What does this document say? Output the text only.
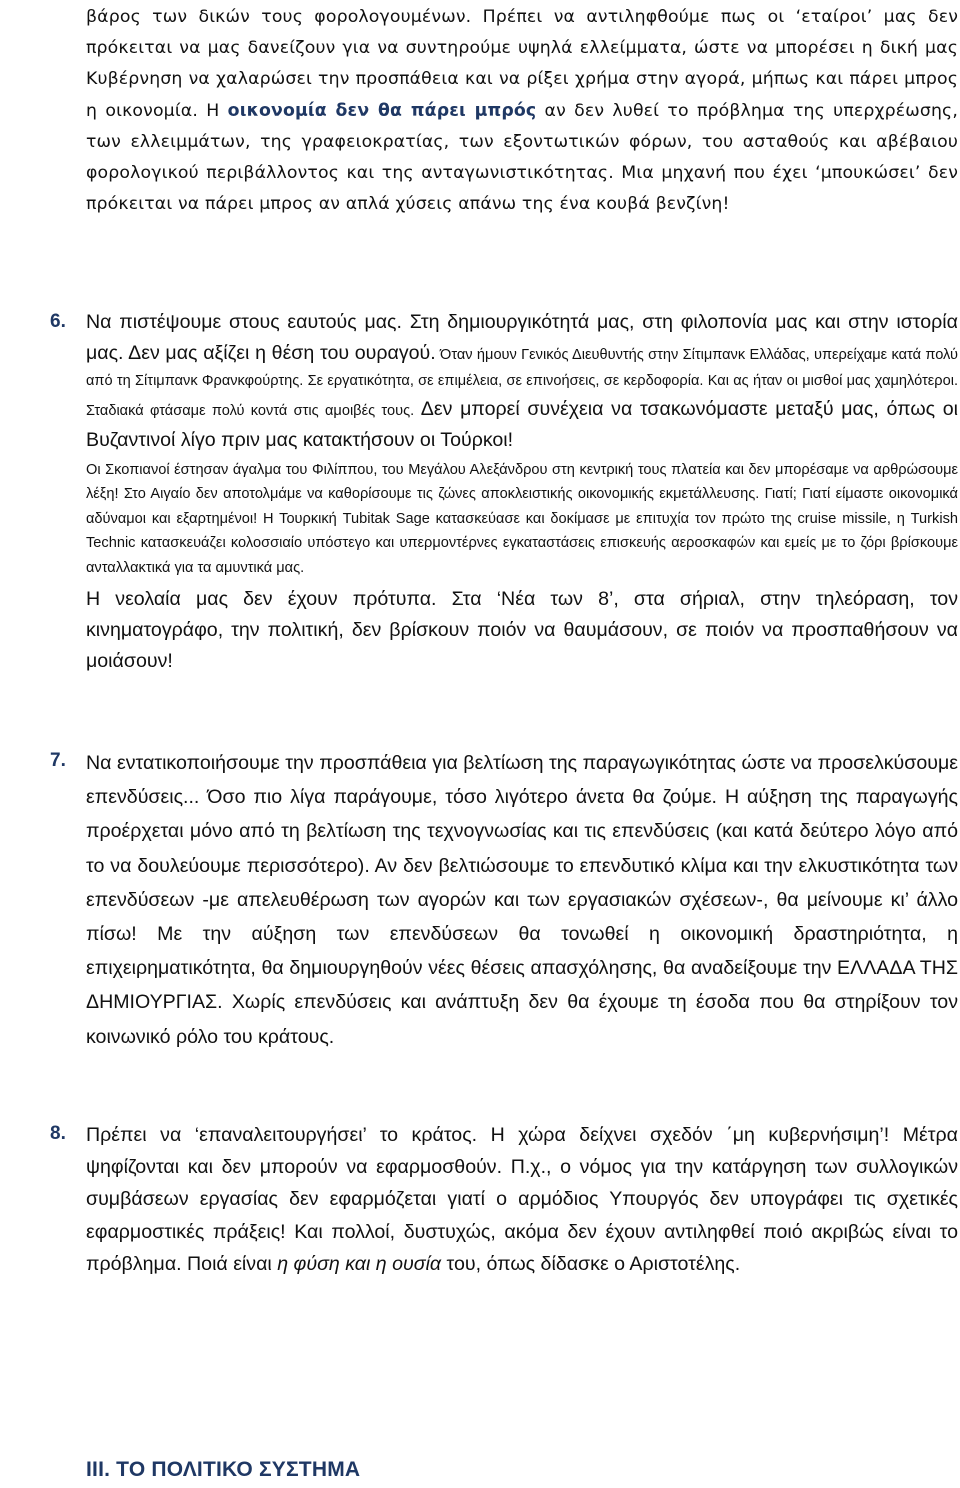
βάρος των δικών τους φορολογουμένων. Πρέπει να αντιληφθούμε πως οι ‘εταίροι’ μας δεν πρόκειται να μας δανείζουν για να συντηρούμε υψηλά ελλείμματα, ώστε να μπορέσει η δική μας Κυβέρνηση να χαλαρώσει την προσπάθεια και να ρίξει χρήμα στην αγορά, μήπως και πάρει μπρος η οικονομία. Η οικονομία δεν θα πάρει μπρός αν δεν λυθεί το πρόβλημα της υπερχρέωσης, των ελλειμμάτων, της γραφειοκρατίας, των εξοντωτικών φόρων, του ασταθούς και αβέβαιου φορολογικού περιβάλλοντος και της ανταγωνιστικότητας. Μια μηχανή που έχει ‘μπουκώσει’ δεν πρόκειται να πάρει μπρος αν απλά χύσεις απάνω της ένα κουβά βενζίνη!

6. Να πιστέψουμε στους εαυτούς μας. Στη δημιουργικότητά μας, στη φιλοπονία μας και στην ιστορία μας. Δεν μας αξίζει η θέση του ουραγού. Όταν ήμουν Γενικός Διευθυντής στην Σίτιμπανκ Ελλάδας, υπερείχαμε κατά πολύ από τη Σίτιμπανκ Φρανκφούρτης. Σε εργατικότητα, σε επιμέλεια, σε επινοήσεις, σε κερδοφορία. Και ας ήταν οι μισθοί μας χαμηλότεροι. Σταδιακά φτάσαμε πολύ κοντά στις αμοιβές τους. Δεν μπορεί συνέχεια να τσακωνόμαστε μεταξύ μας, όπως οι Βυζαντινοί λίγο πριν μας κατακτήσουν οι Τούρκοι!

Οι Σκοπιανοί έστησαν άγαλμα του Φιλίππου, του Μεγάλου Αλεξάνδρου στη κεντρική τους πλατεία και δεν μπορέσαμε να αρθρώσουμε λέξη! Στο Αιγαίο δεν αποτολμάμε να καθορίσουμε τις ζώνες αποκλειστικής οικονομικής εκμετάλλευσης. Γιατί; Γιατί είμαστε οικονομικά αδύναμοι και εξαρτημένοι! Η Τουρκική Tubitak Sage κατασκεύασε και δοκίμασε με επιτυχία τον πρώτο της cruise missile, η Turkish Technic κατασκευάζει κολοσσιαίο υπόστεγο και υπερμοντέρνες εγκαταστάσεις επισκευής αεροσκαφών και εμείς με το ζόρι βρίσκουμε ανταλλακτικά για τα αμυντικά μας.

Η νεολαία μας δεν έχουν πρότυπα. Στα ‘Νέα των 8’, στα σήριαλ, στην τηλεόραση, τον κινηματογράφο, την πολιτική, δεν βρίσκουν ποιόν να θαυμάσουν, σε ποιόν να προσπαθήσουν να μοιάσουν!

7. Να εντατικοποιήσουμε την προσπάθεια για βελτίωση της παραγωγικότητας ώστε να προσελκύσουμε επενδύσεις... Όσο πιο λίγα παράγουμε, τόσο λιγότερο άνετα θα ζούμε. Η αύξηση της παραγωγής προέρχεται μόνο από τη βελτίωση της τεχνογνωσίας και τις επενδύσεις (και κατά δεύτερο λόγο από το να δουλεύουμε περισσότερο). Αν δεν βελτιώσουμε το επενδυτικό κλίμα και την ελκυστικότητα των επενδύσεων -με απελευθέρωση των αγορών και των εργασιακών σχέσεων-, θα μείνουμε κι’ άλλο πίσω! Με την αύξηση των επενδύσεων θα τονωθεί η οικονομική δραστηριότητα, η επιχειρηματικότητα, θα δημιουργηθούν νέες θέσεις απασχόλησης, θα αναδείξουμε την ΕΛΛΑΔΑ ΤΗΣ ΔΗΜΙΟΥΡΓΙΑΣ. Χωρίς επενδύσεις και ανάπτυξη δεν θα έχουμε τη έσοδα που θα στηρίξουν τον κοινωνικό ρόλο του κράτους.

8. Πρέπει να ‘επαναλειτουργήσει’ το κράτος. Η χώρα δείχνει σχεδόν ΄μη κυβερνήσιμη’! Μέτρα ψηφίζονται και δεν μπορούν να εφαρμοσθούν. Π.χ., ο νόμος για την κατάργηση των συλλογικών συμβάσεων εργασίας δεν εφαρμόζεται γιατί ο αρμόδιος Υπουργός δεν υπογράφει τις σχετικές εφαρμοστικές πράξεις! Και πολλοί, δυστυχώς, ακόμα δεν έχουν αντιληφθεί ποιό ακριβώς είναι το πρόβλημα. Ποιά είναι η φύση και η ουσία του, όπως δίδασκε ο Αριστοτέλης.

III. ΤΟ ΠΟΛΙΤΙΚΟ ΣΥΣΤΗΜΑ
